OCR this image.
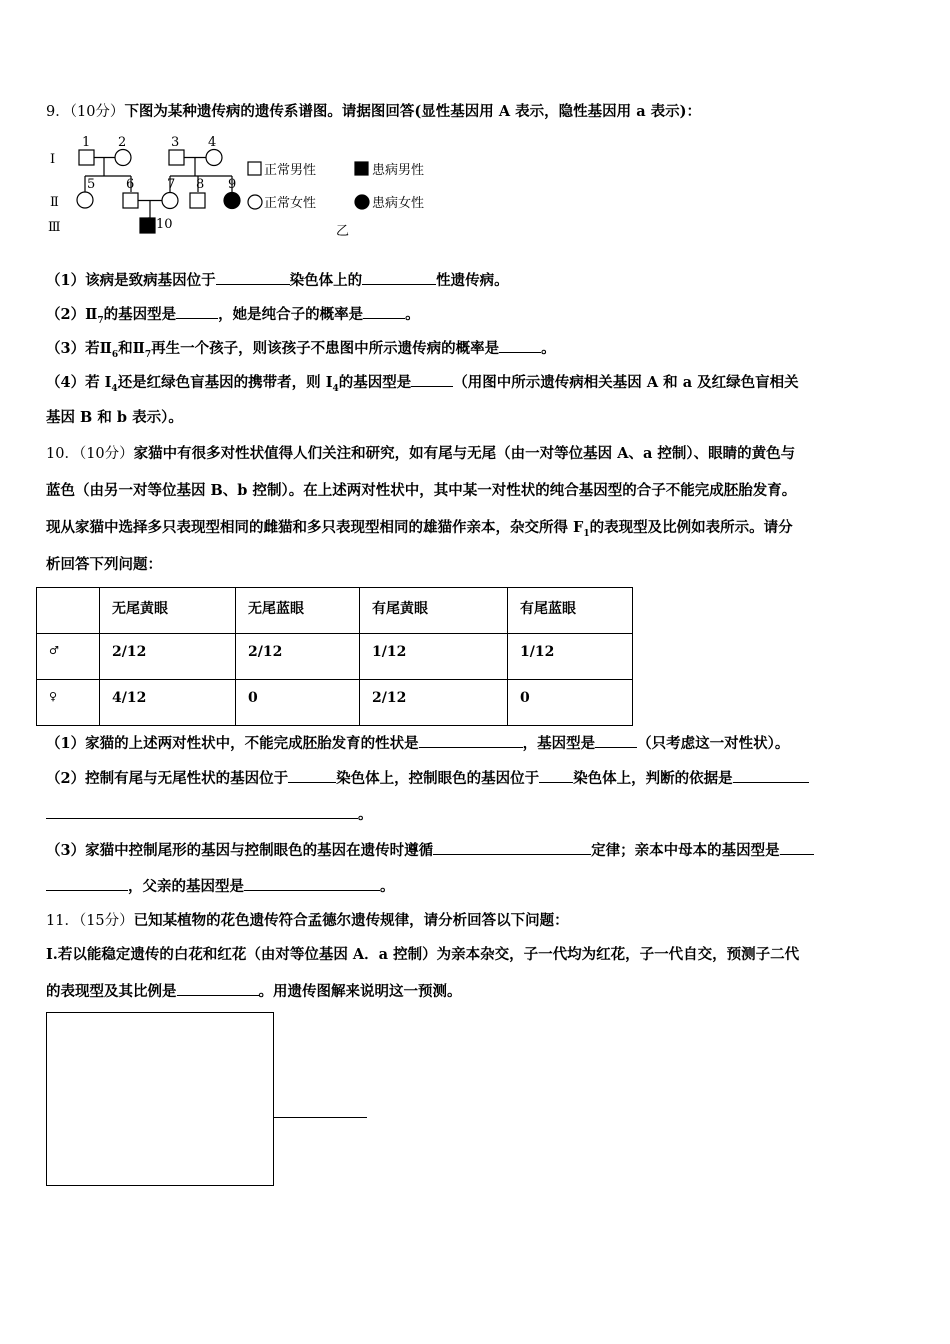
9．（10分）下图为某种遗传病的遗传系谱图。请据图回答(显性基因用 A 表示，隐性基因用 a 表示)：
Ⅰ
Ⅱ
Ⅲ
1 2	3 4
5 6	7 8 9
10
正常男性	患病男性
正常女性	患病女性
乙
（1）该病是致病基因位于	染色体上的	性遗传病。
$(2)Ⅱ_7$的基因型是	，她是纯合子的概率是	。
（3）若$Ⅱ_6$和$Ⅱ_7$再生一个孩子，则该孩子不患图中所示遗传病的概率是	。
（4）若 $I_4$还是红绿色盲基因的携带者，则 $I_4$的基因型是	（用图中所示遗传病相关基因 A 和 a 及红绿色盲相关
基因 B 和 b 表示）。
10．（10分）家猫中有很多对性状值得人们关注和研究，如有尾与无尾（由一对等位基因 A、a 控制）、眼睛的黄色与
蓝色（由另一对等位基因 B、b 控制）。在上述两对性状中，其中某一对性状的纯合基因型的合子不能完成胚胎发育。
现从家猫中选择多只表现型相同的雌猫和多只表现型相同的雄猫作亲本，杂交所得 $F_1$的表现型及比例如表所示。请分
析回答下列问题：
	无尾黄眼	无尾蓝眼	有尾黄眼	有尾蓝眼
♂	2/12	2/12	1/12	1/12
♀	4/12	0	2/12	0
（1）家猫的上述两对性状中，不能完成胚胎发育的性状是	，基因型是	（只考虑这一对性状）。
（2）控制有尾与无尾性状的基因位于	染色体上，控制眼色的基因位于 染色体上，判断的依据是
。
（3）家猫中控制尾形的基因与控制眼色的基因在遗传时遵循	定律；亲本中母本的基因型是
，父亲的基因型是	。
11．（15分）已知某植物的花色遗传符合孟德尔遗传规律，请分析回答以下问题：
I.若以能稳定遗传的白花和红花（由对等位基因 A．a 控制）为亲本杂交，子一代均为红花，子一代自交，预测子二代
的表现型及其比例是	。用遗传图解来说明这一预测。
